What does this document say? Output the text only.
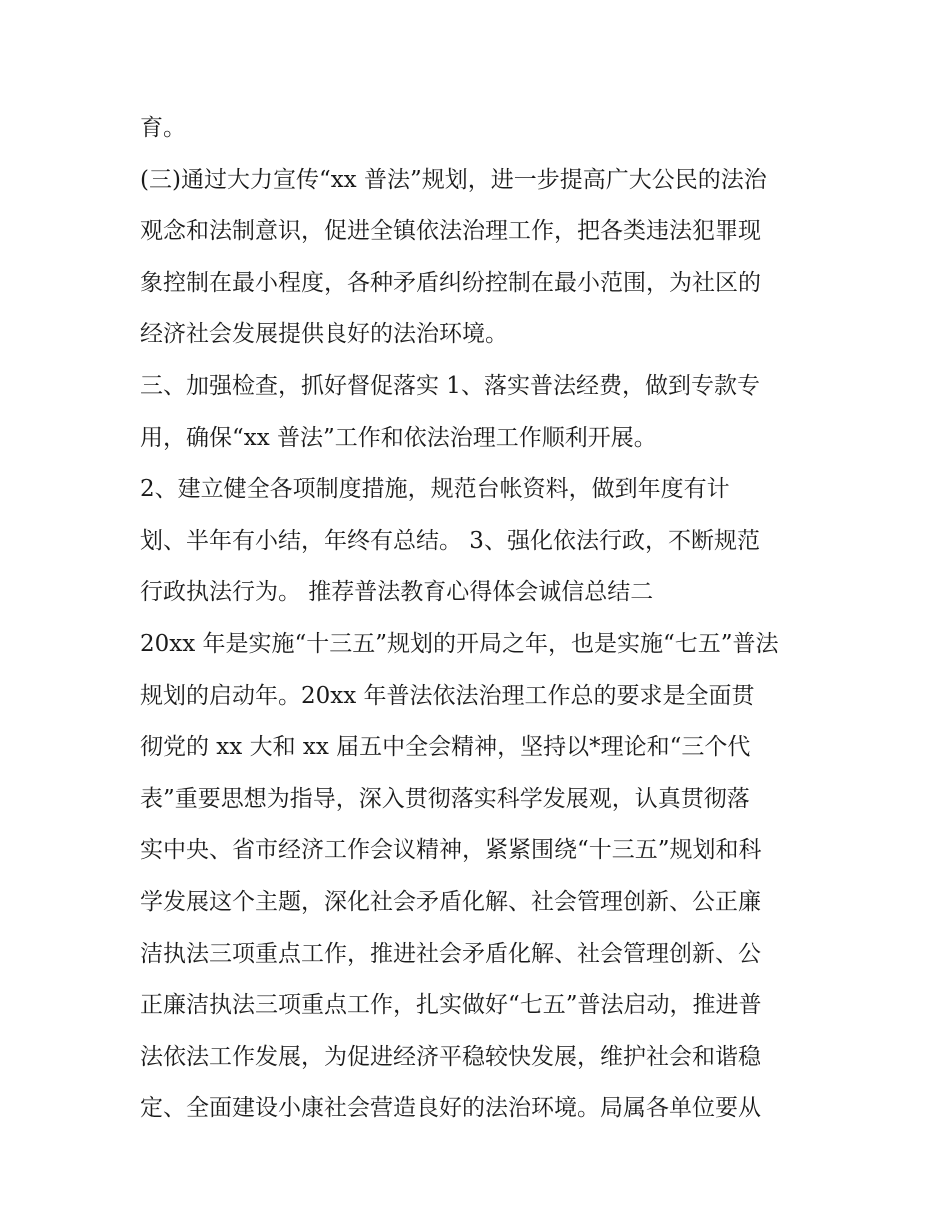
育。
(三)通过大力宣传“xx 普法”规划，进一步提高广大公民的法治
观念和法制意识，促进全镇依法治理工作，把各类违法犯罪现
象控制在最小程度，各种矛盾纠纷控制在最小范围，为社区的
经济社会发展提供良好的法治环境。
三、加强检查，抓好督促落实 1、落实普法经费，做到专款专
用，确保“xx 普法”工作和依法治理工作顺利开展。
2、建立健全各项制度措施，规范台帐资料，做到年度有计
划、半年有小结，年终有总结。 3、强化依法行政，不断规范
行政执法行为。 推荐普法教育心得体会诚信总结二
20xx 年是实施“十三五”规划的开局之年，也是实施“七五”普法
规划的启动年。20xx 年普法依法治理工作总的要求是全面贯
彻党的 xx 大和 xx 届五中全会精神，坚持以*理论和“三个代
表”重要思想为指导，深入贯彻落实科学发展观，认真贯彻落
实中央、省市经济工作会议精神，紧紧围绕“十三五”规划和科
学发展这个主题，深化社会矛盾化解、社会管理创新、公正廉
洁执法三项重点工作，推进社会矛盾化解、社会管理创新、公
正廉洁执法三项重点工作，扎实做好“七五”普法启动，推进普
法依法工作发展，为促进经济平稳较快发展，维护社会和谐稳
定、全面建设小康社会营造良好的法治环境。局属各单位要从
